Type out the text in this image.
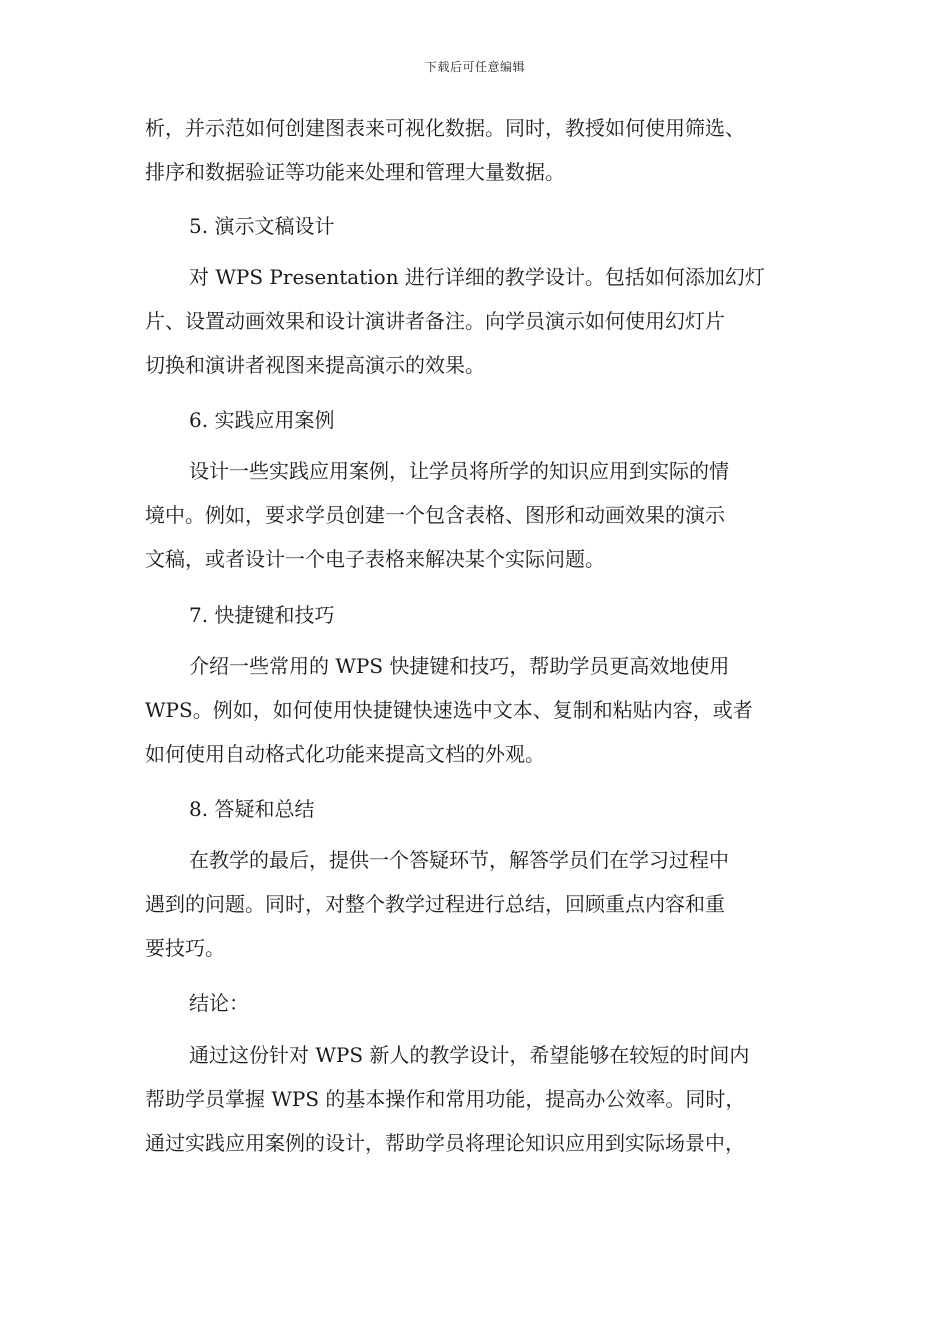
下载后可任意编辑
析，并示范如何创建图表来可视化数据。同时，教授如何使用筛选、
排序和数据验证等功能来处理和管理大量数据。
5. 演示文稿设计
对 WPS Presentation 进行详细的教学设计。包括如何添加幻灯
片、设置动画效果和设计演讲者备注。向学员演示如何使用幻灯片
切换和演讲者视图来提高演示的效果。
6. 实践应用案例
设计一些实践应用案例，让学员将所学的知识应用到实际的情
境中。例如，要求学员创建一个包含表格、图形和动画效果的演示
文稿，或者设计一个电子表格来解决某个实际问题。
7. 快捷键和技巧
介绍一些常用的 WPS 快捷键和技巧，帮助学员更高效地使用
WPS。例如，如何使用快捷键快速选中文本、复制和粘贴内容，或者
如何使用自动格式化功能来提高文档的外观。
8. 答疑和总结
在教学的最后，提供一个答疑环节，解答学员们在学习过程中
遇到的问题。同时，对整个教学过程进行总结，回顾重点内容和重
要技巧。
结论：
通过这份针对 WPS 新人的教学设计，希望能够在较短的时间内
帮助学员掌握 WPS 的基本操作和常用功能，提高办公效率。同时，
通过实践应用案例的设计，帮助学员将理论知识应用到实际场景中，
